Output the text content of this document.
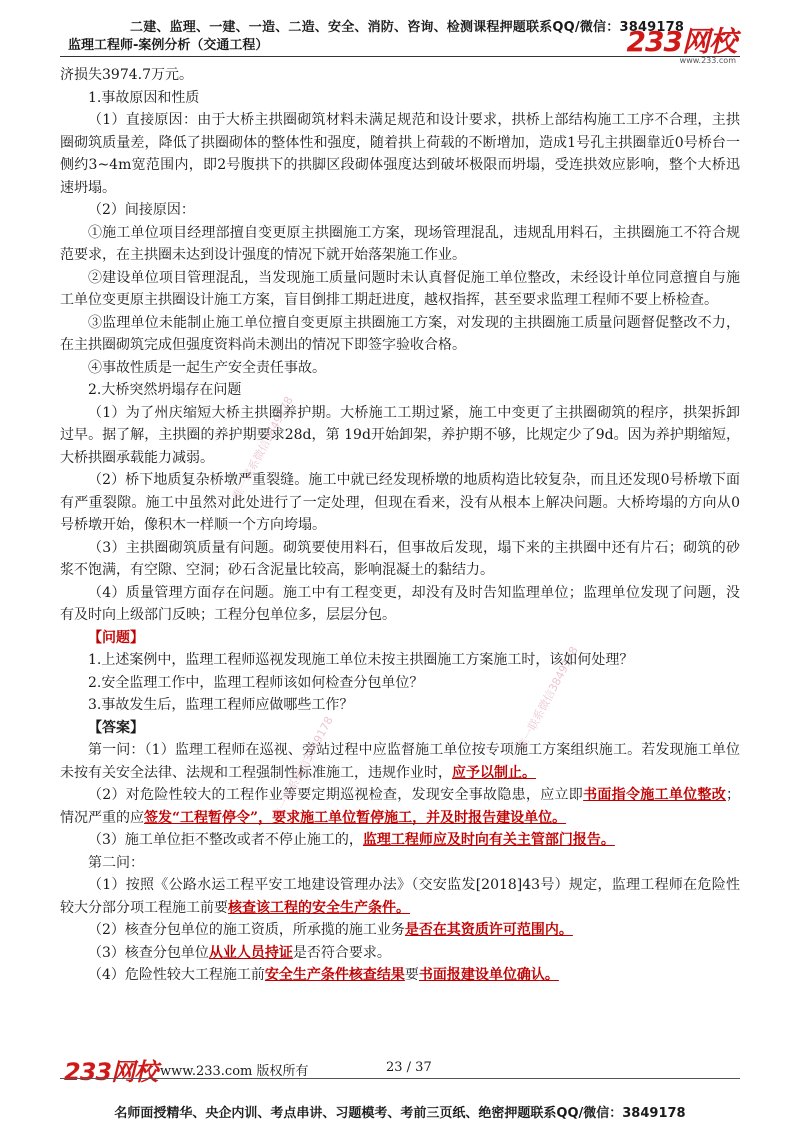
二建、监理、一建、一造、二造、安全、消防、咨询、检测课程押题联系QQ/微信：3849178
监理工程师-案例分析（交通工程）	233网校
www.233.com
唯一联系微信3849178
唯一联系微信3849178

济损失3974.7万元。

1.事故原因和性质

（1）直接原因：由于大桥主拱圈砌筑材料未满足规范和设计要求，拱桥上部结构施工工序不合理，主拱圈砌筑质量差，降低了拱圈砌体的整体性和强度，随着拱上荷载的不断增加，造成1号孔主拱圈靠近0号桥台一侧约3~4m宽范围内，即2号腹拱下的拱脚区段砌体强度达到破坏极限而坍塌，受连拱效应影响，整个大桥迅速坍塌。

（2）间接原因：

①施工单位项目经理部擅自变更原主拱圈施工方案，现场管理混乱，违规乱用料石，主拱圈施工不符合规范要求，在主拱圈未达到设计强度的情况下就开始落架施工作业。

②建设单位项目管理混乱，当发现施工质量问题时未认真督促施工单位整改，未经设计单位同意擅自与施工单位变更原主拱圈设计施工方案，盲目倒排工期赶进度，越权指挥，甚至要求监理工程师不要上桥检查。

③监理单位未能制止施工单位擅自变更原主拱圈施工方案，对发现的主拱圈施工质量问题督促整改不力，在主拱圈砌筑完成但强度资料尚未测出的情况下即签字验收合格。

④事故性质是一起生产安全责任事故。

2.大桥突然坍塌存在问题

（1）为了州庆缩短大桥主拱圈养护期。大桥施工工期过紧，施工中变更了主拱圈砌筑的程序，拱架拆卸过早。据了解，主拱圈的养护期要求28d，第 19d开始卸架，养护期不够，比规定少了9d。因为养护期缩短，大桥拱圈承载能力减弱。

（2）桥下地质复杂桥墩严重裂缝。施工中就已经发现桥墩的地质构造比较复杂，而且还发现0号桥墩下面有严重裂隙。施工中虽然对此处进行了一定处理，但现在看来，没有从根本上解决问题。大桥垮塌的方向从0号桥墩开始，像积木一样顺一个方向垮塌。

（3）主拱圈砌筑质量有问题。砌筑要使用料石，但事故后发现，塌下来的主拱圈中还有片石；砌筑的砂浆不饱满，有空隙、空洞；砂石含泥量比较高，影响混凝土的黏结力。

（4）质量管理方面存在问题。施工中有工程变更，却没有及时告知监理单位；监理单位发现了问题，没有及时向上级部门反映；工程分包单位多，层层分包。

【问题】

1.上述案例中，监理工程师巡视发现施工单位未按主拱圈施工方案施工时，该如何处理？

2.安全监理工作中，监理工程师该如何检查分包单位？

3.事故发生后，监理工程师应做哪些工作？

【答案】

第一问：（1）监理工程师在巡视、旁站过程中应监督施工单位按专项施工方案组织施工。若发现施工单位未按有关安全法律、法规和工程强制性标准施工，违规作业时，应予以制止。

（2）对危险性较大的工程作业等要定期巡视检查，发现安全事故隐患，应立即书面指令施工单位整改；情况严重的应签发“工程暂停令”，要求施工单位暂停施工，并及时报告建设单位。

（3）施工单位拒不整改或者不停止施工的，监理工程师应及时向有关主管部门报告。

第二问：

（1）按照《公路水运工程平安工地建设管理办法》（交安监发[2018]43号）规定，监理工程师在危险性较大分部分项工程施工前要核查该工程的安全生产条件。

（2）核查分包单位的施工资质，所承揽的施工业务是否在其资质许可范围内。

（3）核查分包单位从业人员持证是否符合要求。

（4）危险性较大工程施工前安全生产条件核查结果要书面报建设单位确认。

唯一联系微信3849178
233网校 www.233.com 版权所有	23 / 37
名师面授精华、央企内训、考点串讲、习题模考、考前三页纸、绝密押题联系QQ/微信：3849178
